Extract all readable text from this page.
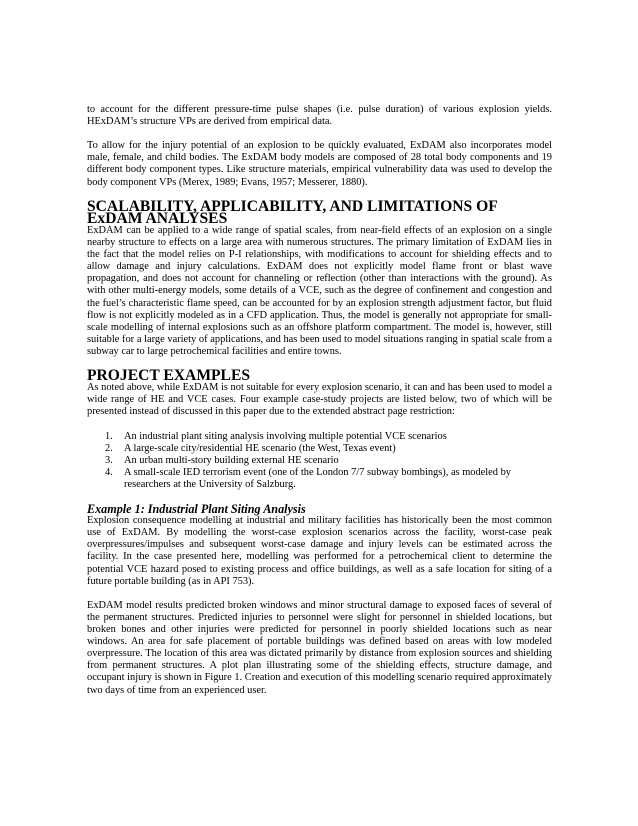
to account for the different pressure-time pulse shapes (i.e. pulse duration) of various explosion yields. HExDAM’s structure VPs are derived from empirical data.

To allow for the injury potential of an explosion to be quickly evaluated, ExDAM also incorporates model male, female, and child bodies. The ExDAM body models are composed of 28 total body components and 19 different body component types. Like structure materials, empirical vulnerability data was used to develop the body component VPs (Merex, 1989; Evans, 1957; Messerer, 1880).

SCALABILITY, APPLICABILITY, AND LIMITATIONS OF ExDAM ANALYSES

ExDAM can be applied to a wide range of spatial scales, from near-field effects of an explosion on a single nearby structure to effects on a large area with numerous structures. The primary limitation of ExDAM lies in the fact that the model relies on P-I relationships, with modifications to account for shielding effects and to allow damage and injury calculations. ExDAM does not explicitly model flame front or blast wave propagation, and does not account for channeling or reflection (other than interactions with the ground). As with other multi-energy models, some details of a VCE, such as the degree of confinement and congestion and the fuel’s characteristic flame speed, can be accounted for by an explosion strength adjustment factor, but fluid flow is not explicitly modeled as in a CFD application. Thus, the model is generally not appropriate for small-scale modelling of internal explosions such as an offshore platform compartment. The model is, however, still suitable for a large variety of applications, and has been used to model situations ranging in spatial scale from a subway car to large petrochemical facilities and entire towns.

PROJECT EXAMPLES

As noted above, while ExDAM is not suitable for every explosion scenario, it can and has been used to model a wide range of HE and VCE cases. Four example case-study projects are listed below, two of which will be presented instead of discussed in this paper due to the extended abstract page restriction:

1. An industrial plant siting analysis involving multiple potential VCE scenarios
2. A large-scale city/residential HE scenario (the West, Texas event)
3. An urban multi-story building external HE scenario
4. A small-scale IED terrorism event (one of the London 7/7 subway bombings), as modeled by researchers at the University of Salzburg.
Example 1: Industrial Plant Siting Analysis

Explosion consequence modelling at industrial and military facilities has historically been the most common use of ExDAM. By modelling the worst-case explosion scenarios across the facility, worst-case peak overpressures/impulses and subsequent worst-case damage and injury levels can be estimated across the facility. In the case presented here, modelling was performed for a petrochemical client to determine the potential VCE hazard posed to existing process and office buildings, as well as a safe location for siting of a future portable building (as in API 753).

ExDAM model results predicted broken windows and minor structural damage to exposed faces of several of the permanent structures. Predicted injuries to personnel were slight for personnel in shielded locations, but broken bones and other injuries were predicted for personnel in poorly shielded locations such as near windows. An area for safe placement of portable buildings was defined based on areas with low modeled overpressure. The location of this area was dictated primarily by distance from explosion sources and shielding from permanent structures. A plot plan illustrating some of the shielding effects, structure damage, and occupant injury is shown in Figure 1. Creation and execution of this modelling scenario required approximately two days of time from an experienced user.
